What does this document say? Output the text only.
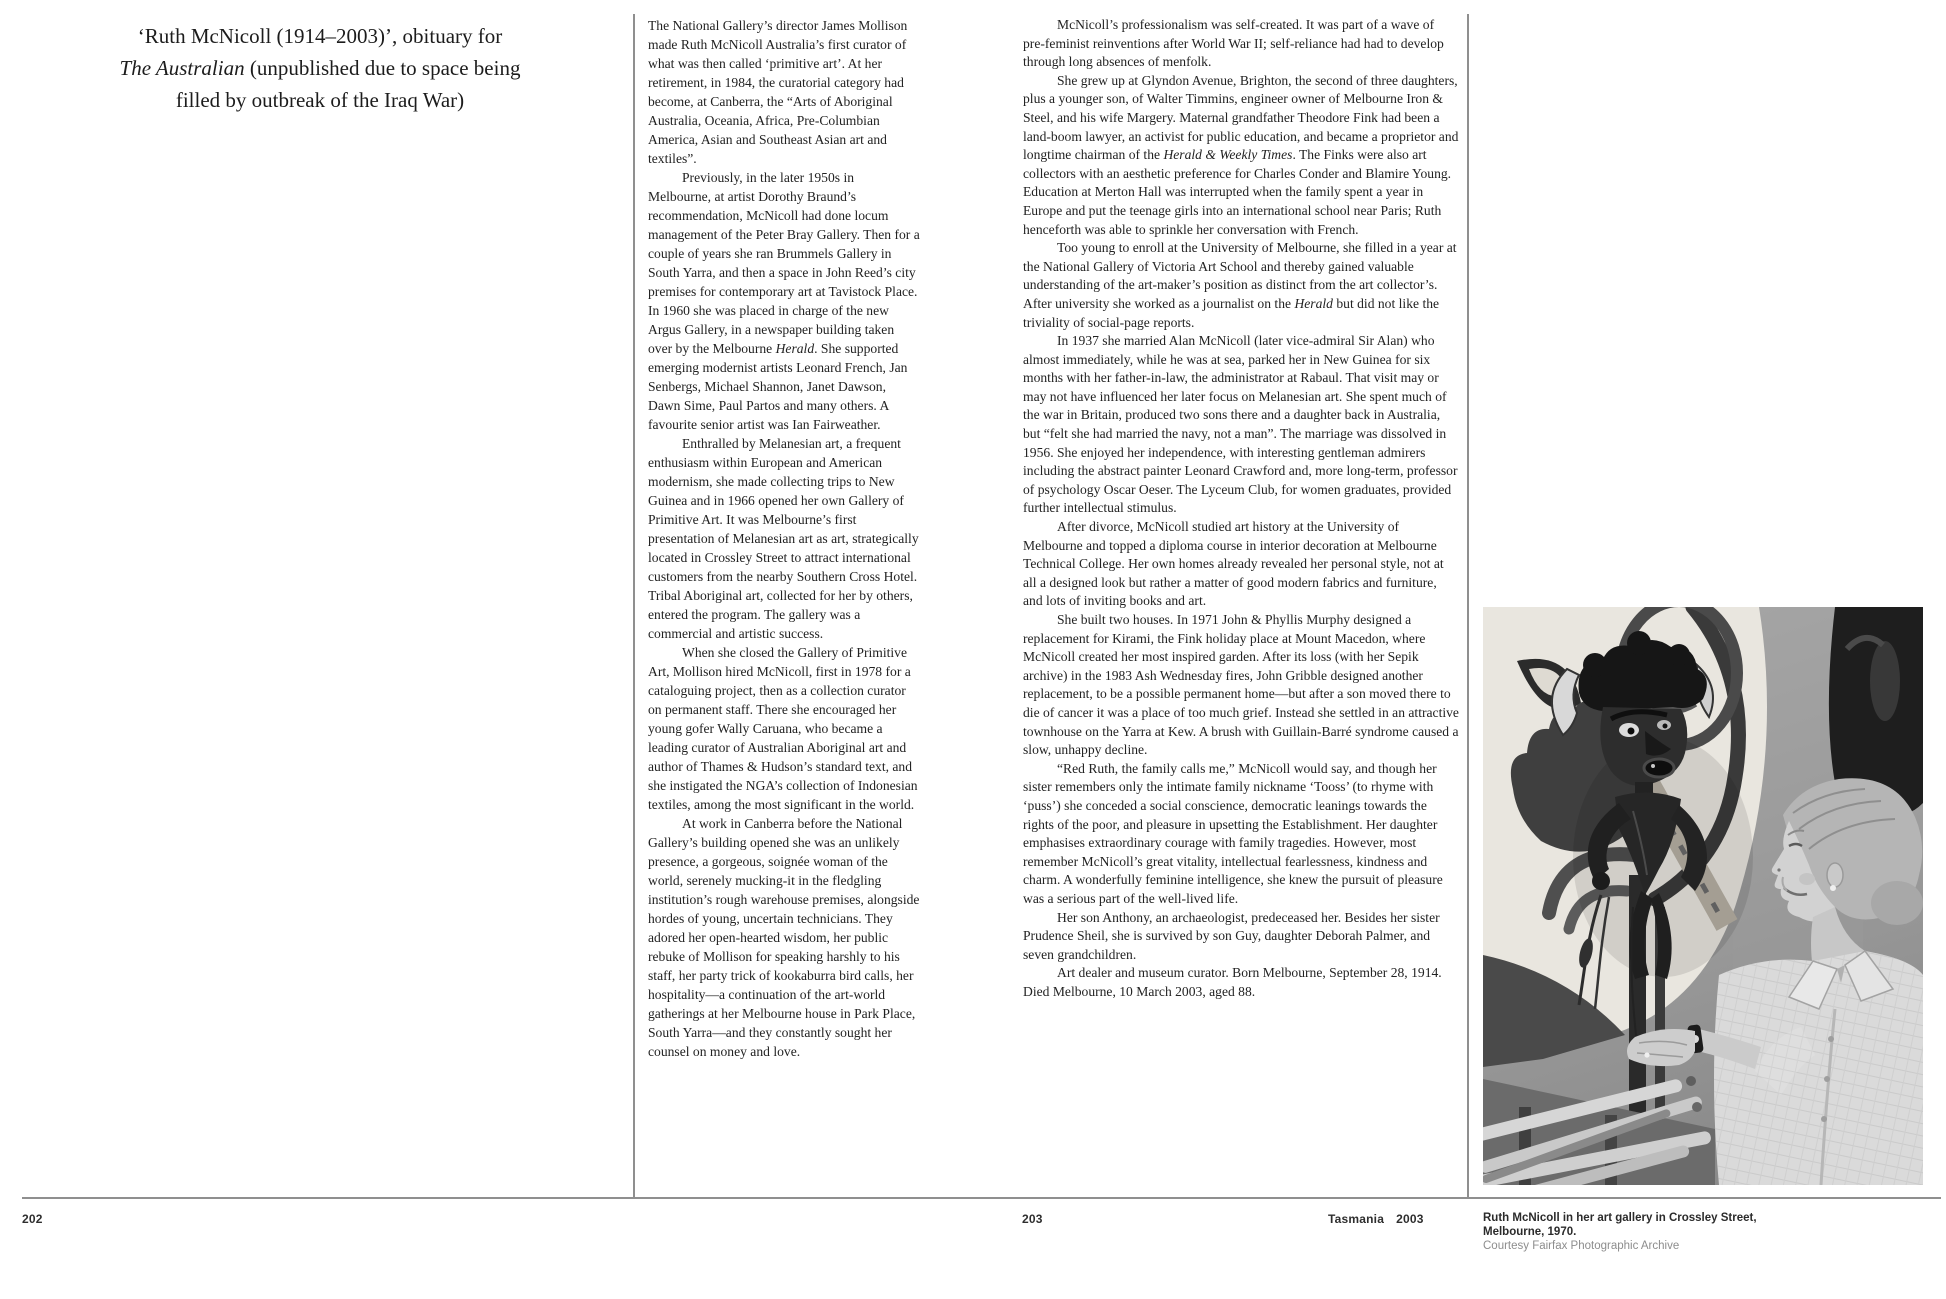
‘Ruth McNicoll (1914–2003)’, obituary for
The Australian (unpublished due to space being
filled by outbreak of the Iraq War)

The National Gallery’s director James Mollison made Ruth McNicoll Australia’s first curator of what was then called ‘primitive art’. At her retirement, in 1984, the curatorial category had become, at Canberra, the “Arts of Aboriginal Australia, Oceania, Africa, Pre-Columbian America, Asian and Southeast Asian art and textiles”.

Previously, in the later 1950s in Melbourne, at artist Dorothy Braund’s recommendation, McNicoll had done locum management of the Peter Bray Gallery. Then for a couple of years she ran Brummels Gallery in South Yarra, and then a space in John Reed’s city premises for contemporary art at Tavistock Place. In 1960 she was placed in charge of the new Argus Gallery, in a newspaper building taken over by the Melbourne Herald. She supported emerging modernist artists Leonard French, Jan Senbergs, Michael Shannon, Janet Dawson, Dawn Sime, Paul Partos and many others. A favourite senior artist was Ian Fairweather.

Enthralled by Melanesian art, a frequent enthusiasm within European and American modernism, she made collecting trips to New Guinea and in 1966 opened her own Gallery of Primitive Art. It was Melbourne’s first presentation of Melanesian art as art, strategically located in Crossley Street to attract international customers from the nearby Southern Cross Hotel. Tribal Aboriginal art, collected for her by others, entered the program. The gallery was a commercial and artistic success.

When she closed the Gallery of Primitive Art, Mollison hired McNicoll, first in 1978 for a cataloguing project, then as a collection curator on permanent staff. There she encouraged her young gofer Wally Caruana, who became a leading curator of Australian Aboriginal art and author of Thames & Hudson’s standard text, and she instigated the NGA’s collection of Indonesian textiles, among the most significant in the world.

At work in Canberra before the National Gallery’s building opened she was an unlikely presence, a gorgeous, soignée woman of the world, serenely mucking-it in the fledgling institution’s rough warehouse premises, alongside hordes of young, uncertain technicians. They adored her open-hearted wisdom, her public rebuke of Mollison for speaking harshly to his staff, her party trick of kookaburra bird calls, her hospitality—a continuation of the art-world gatherings at her Melbourne house in Park Place, South Yarra—and they constantly sought her counsel on money and love.

McNicoll’s professionalism was self-created. It was part of a wave of pre-feminist reinventions after World War II; self-reliance had had to develop through long absences of menfolk.

She grew up at Glyndon Avenue, Brighton, the second of three daughters, plus a younger son, of Walter Timmins, engineer owner of Melbourne Iron & Steel, and his wife Margery. Maternal grandfather Theodore Fink had been a land-boom lawyer, an activist for public education, and became a proprietor and longtime chairman of the Herald & Weekly Times. The Finks were also art collectors with an aesthetic preference for Charles Conder and Blamire Young. Education at Merton Hall was interrupted when the family spent a year in Europe and put the teenage girls into an international school near Paris; Ruth henceforth was able to sprinkle her conversation with French.

Too young to enroll at the University of Melbourne, she filled in a year at the National Gallery of Victoria Art School and thereby gained valuable understanding of the art-maker’s position as distinct from the art collector’s. After university she worked as a journalist on the Herald but did not like the triviality of social-page reports.

In 1937 she married Alan McNicoll (later vice-admiral Sir Alan) who almost immediately, while he was at sea, parked her in New Guinea for six months with her father-in-law, the administrator at Rabaul. That visit may or may not have influenced her later focus on Melanesian art. She spent much of the war in Britain, produced two sons there and a daughter back in Australia, but “felt she had married the navy, not a man”. The marriage was dissolved in 1956. She enjoyed her independence, with interesting gentleman admirers including the abstract painter Leonard Crawford and, more long-term, professor of psychology Oscar Oeser. The Lyceum Club, for women graduates, provided further intellectual stimulus.

After divorce, McNicoll studied art history at the University of Melbourne and topped a diploma course in interior decoration at Melbourne Technical College. Her own homes already revealed her personal style, not at all a designed look but rather a matter of good modern fabrics and furniture, and lots of inviting books and art.

She built two houses. In 1971 John & Phyllis Murphy designed a replacement for Kirami, the Fink holiday place at Mount Macedon, where McNicoll created her most inspired garden. After its loss (with her Sepik archive) in the 1983 Ash Wednesday fires, John Gribble designed another replacement, to be a possible permanent home—but after a son moved there to die of cancer it was a place of too much grief. Instead she settled in an attractive townhouse on the Yarra at Kew. A brush with Guillain-Barré syndrome caused a slow, unhappy decline.

“Red Ruth, the family calls me,” McNicoll would say, and though her sister remembers only the intimate family nickname ‘Tooss’ (to rhyme with ‘puss’) she conceded a social conscience, democratic leanings towards the rights of the poor, and pleasure in upsetting the Establishment. Her daughter emphasises extraordinary courage with family tragedies. However, most remember McNicoll’s great vitality, intellectual fearlessness, kindness and charm. A wonderfully feminine intelligence, she knew the pursuit of pleasure was a serious part of the well-lived life.

Her son Anthony, an archaeologist, predeceased her. Besides her sister Prudence Sheil, she is survived by son Guy, daughter Deborah Palmer, and seven grandchildren.

Art dealer and museum curator. Born Melbourne, September 28, 1914. Died Melbourne, 10 March 2003, aged 88.

202	203	Tasmania 2003	Ruth McNicoll in her art gallery in Crossley Street, Melbourne, 1970.
Courtesy Fairfax Photographic Archive
